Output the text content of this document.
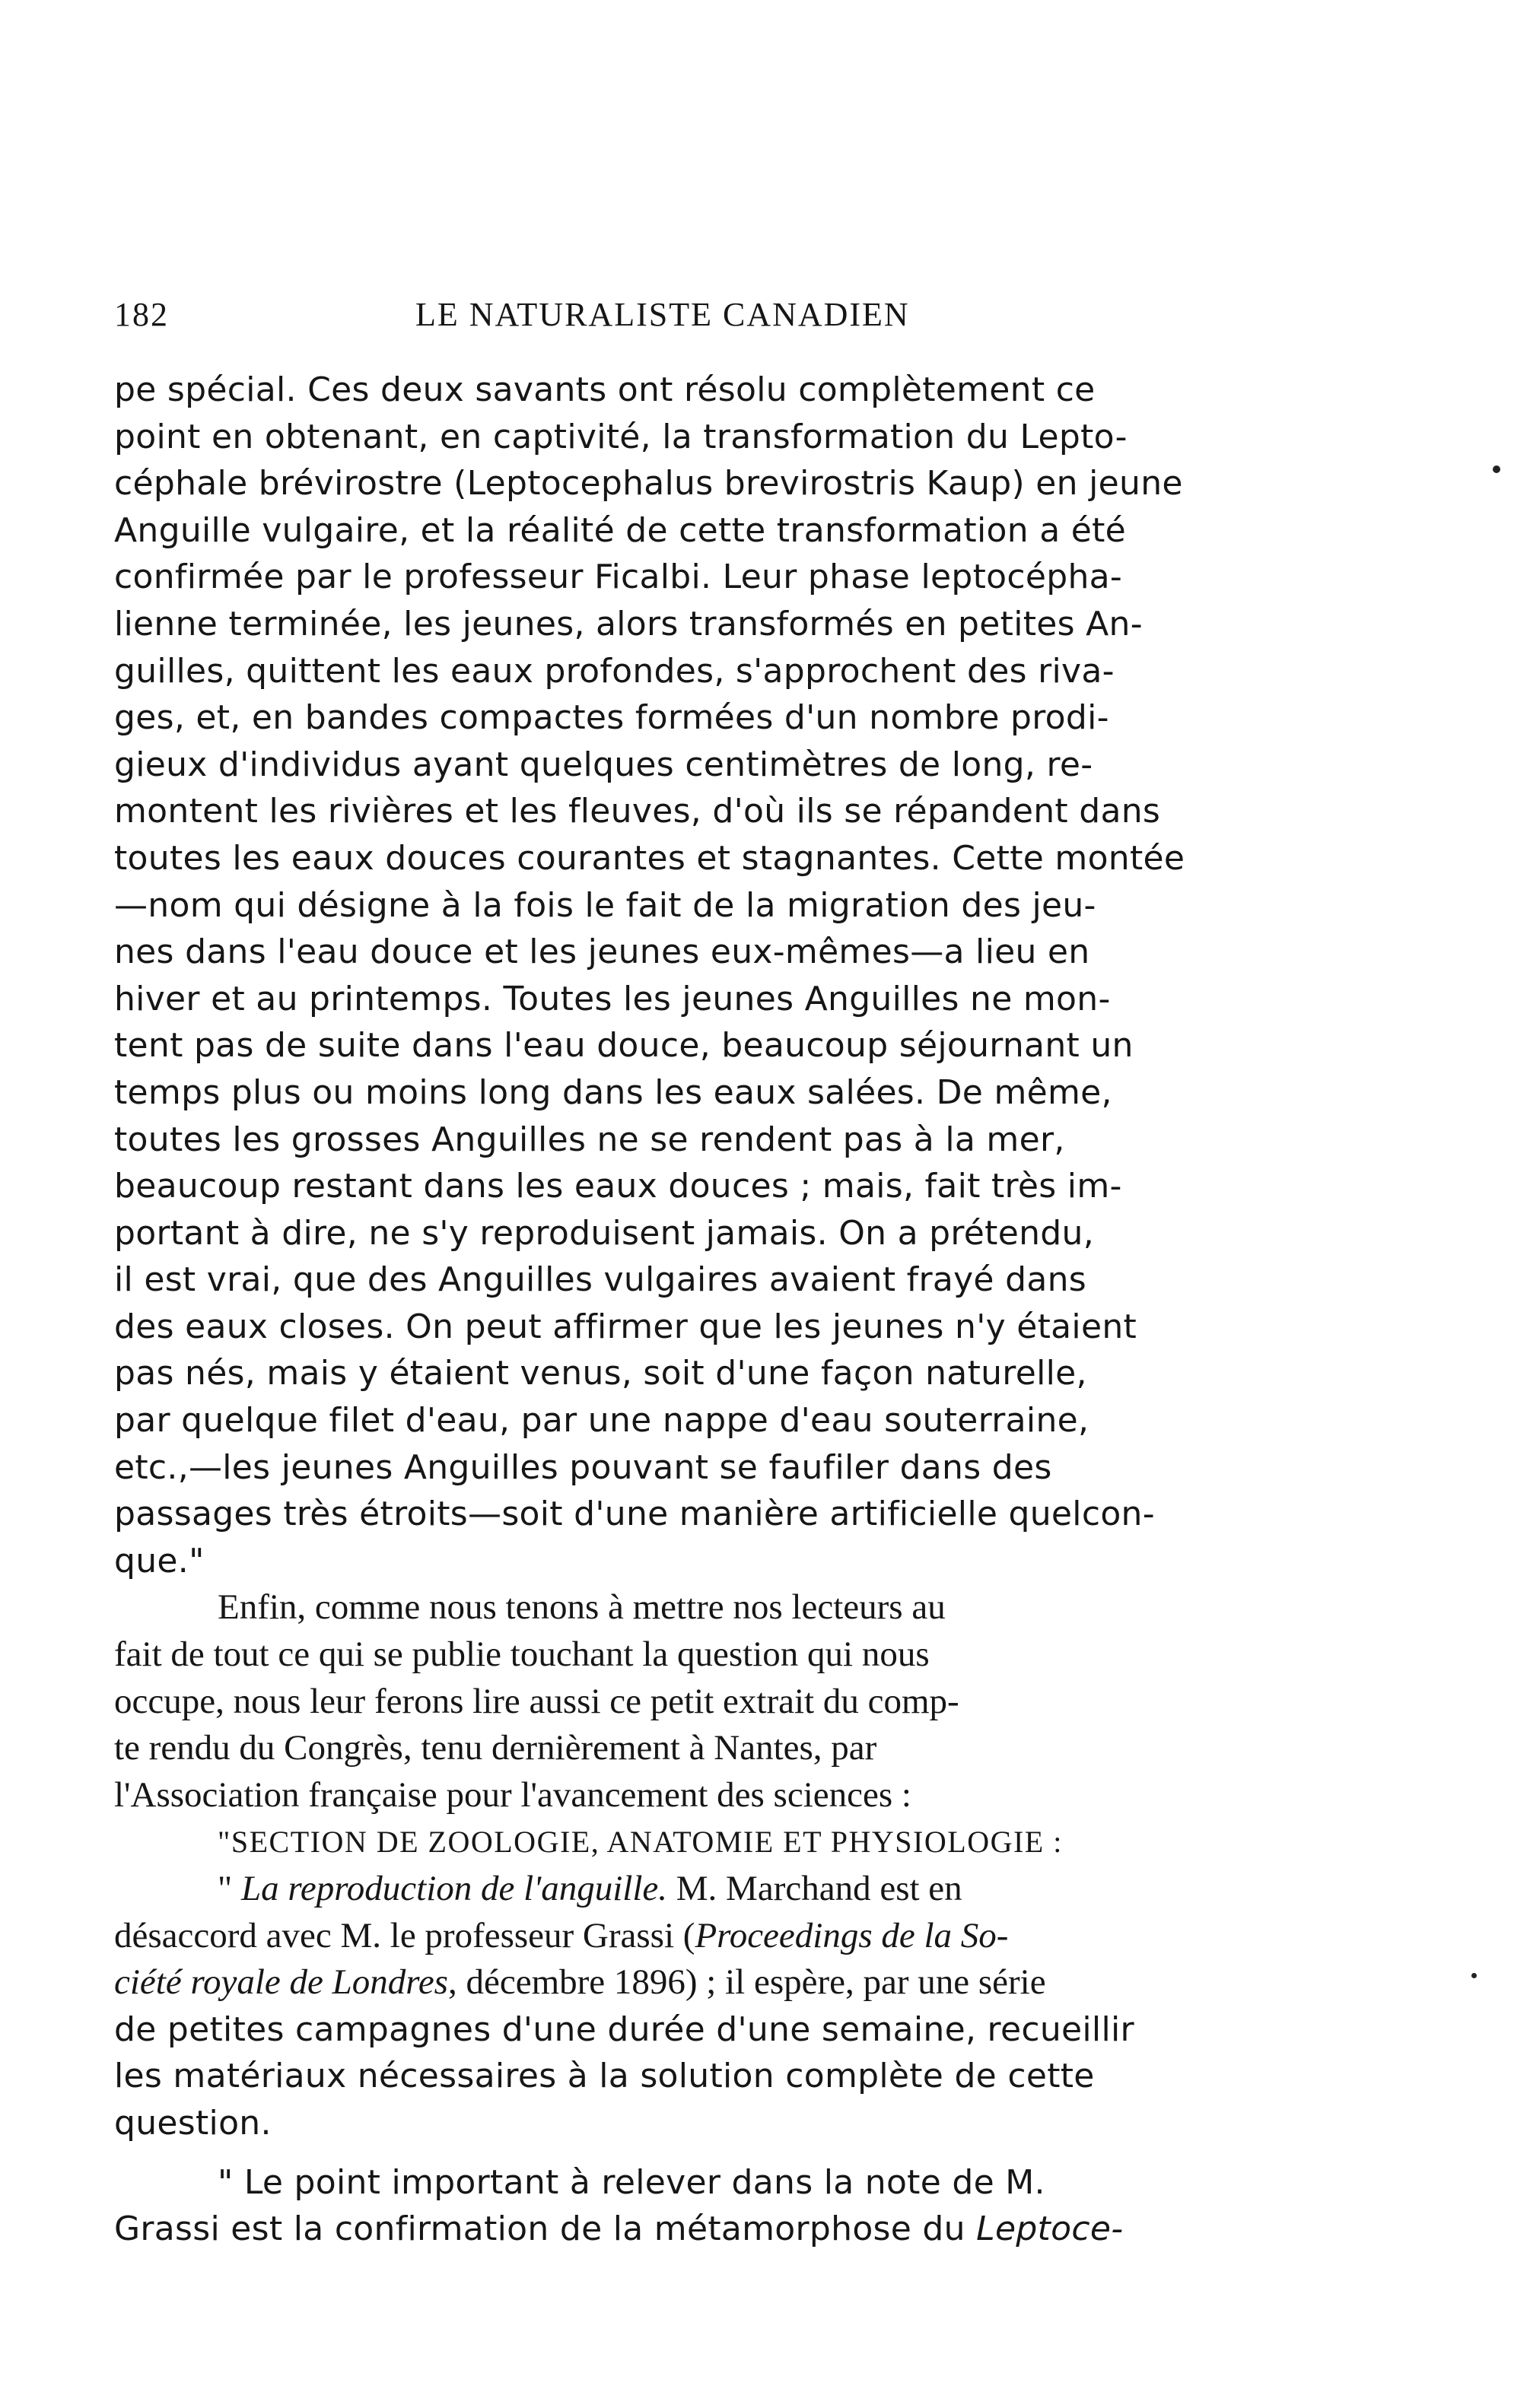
182	LE NATURALISTE CANADIEN
pe spécial. Ces deux savants ont résolu complètement ce
point en obtenant, en captivité, la transformation du Lepto-
céphale brévirostre (Leptocephalus brevirostris Kaup) en jeune
Anguille vulgaire, et la réalité de cette transformation a été
confirmée par le professeur Ficalbi. Leur phase leptocépha-
lienne terminée, les jeunes, alors transformés en petites An-
guilles, quittent les eaux profondes, s'approchent des riva-
ges, et, en bandes compactes formées d'un nombre prodi-
gieux d'individus ayant quelques centimètres de long, re-
montent les rivières et les fleuves, d'où ils se répandent dans
toutes les eaux douces courantes et stagnantes. Cette montée
—nom qui désigne à la fois le fait de la migration des jeu-
nes dans l'eau douce et les jeunes eux-mêmes—a lieu en
hiver et au printemps. Toutes les jeunes Anguilles ne mon-
tent pas de suite dans l'eau douce, beaucoup séjournant un
temps plus ou moins long dans les eaux salées. De même,
toutes les grosses Anguilles ne se rendent pas à la mer,
beaucoup restant dans les eaux douces ; mais, fait très im-
portant à dire, ne s'y reproduisent jamais. On a prétendu,
il est vrai, que des Anguilles vulgaires avaient frayé dans
des eaux closes. On peut affirmer que les jeunes n'y étaient
pas nés, mais y étaient venus, soit d'une façon naturelle,
par quelque filet d'eau, par une nappe d'eau souterraine,
etc.,—les jeunes Anguilles pouvant se faufiler dans des
passages très étroits—soit d'une manière artificielle quelcon-
que."
Enfin, comme nous tenons à mettre nos lecteurs au
fait de tout ce qui se publie touchant la question qui nous
occupe, nous leur ferons lire aussi ce petit extrait du comp-
te rendu du Congrès, tenu dernièrement à Nantes, par
l'Association française pour l'avancement des sciences :
"SECTION DE ZOOLOGIE, ANATOMIE ET PHYSIOLOGIE :
" La reproduction de l'anguille. M. Marchand est en
désaccord avec M. le professeur Grassi (Proceedings de la So-
ciété royale de Londres, décembre 1896) ; il espère, par une série
de petites campagnes d'une durée d'une semaine, recueillir
les matériaux nécessaires à la solution complète de cette
question.
" Le point important à relever dans la note de M.
Grassi est la confirmation de la métamorphose du Leptoce-
